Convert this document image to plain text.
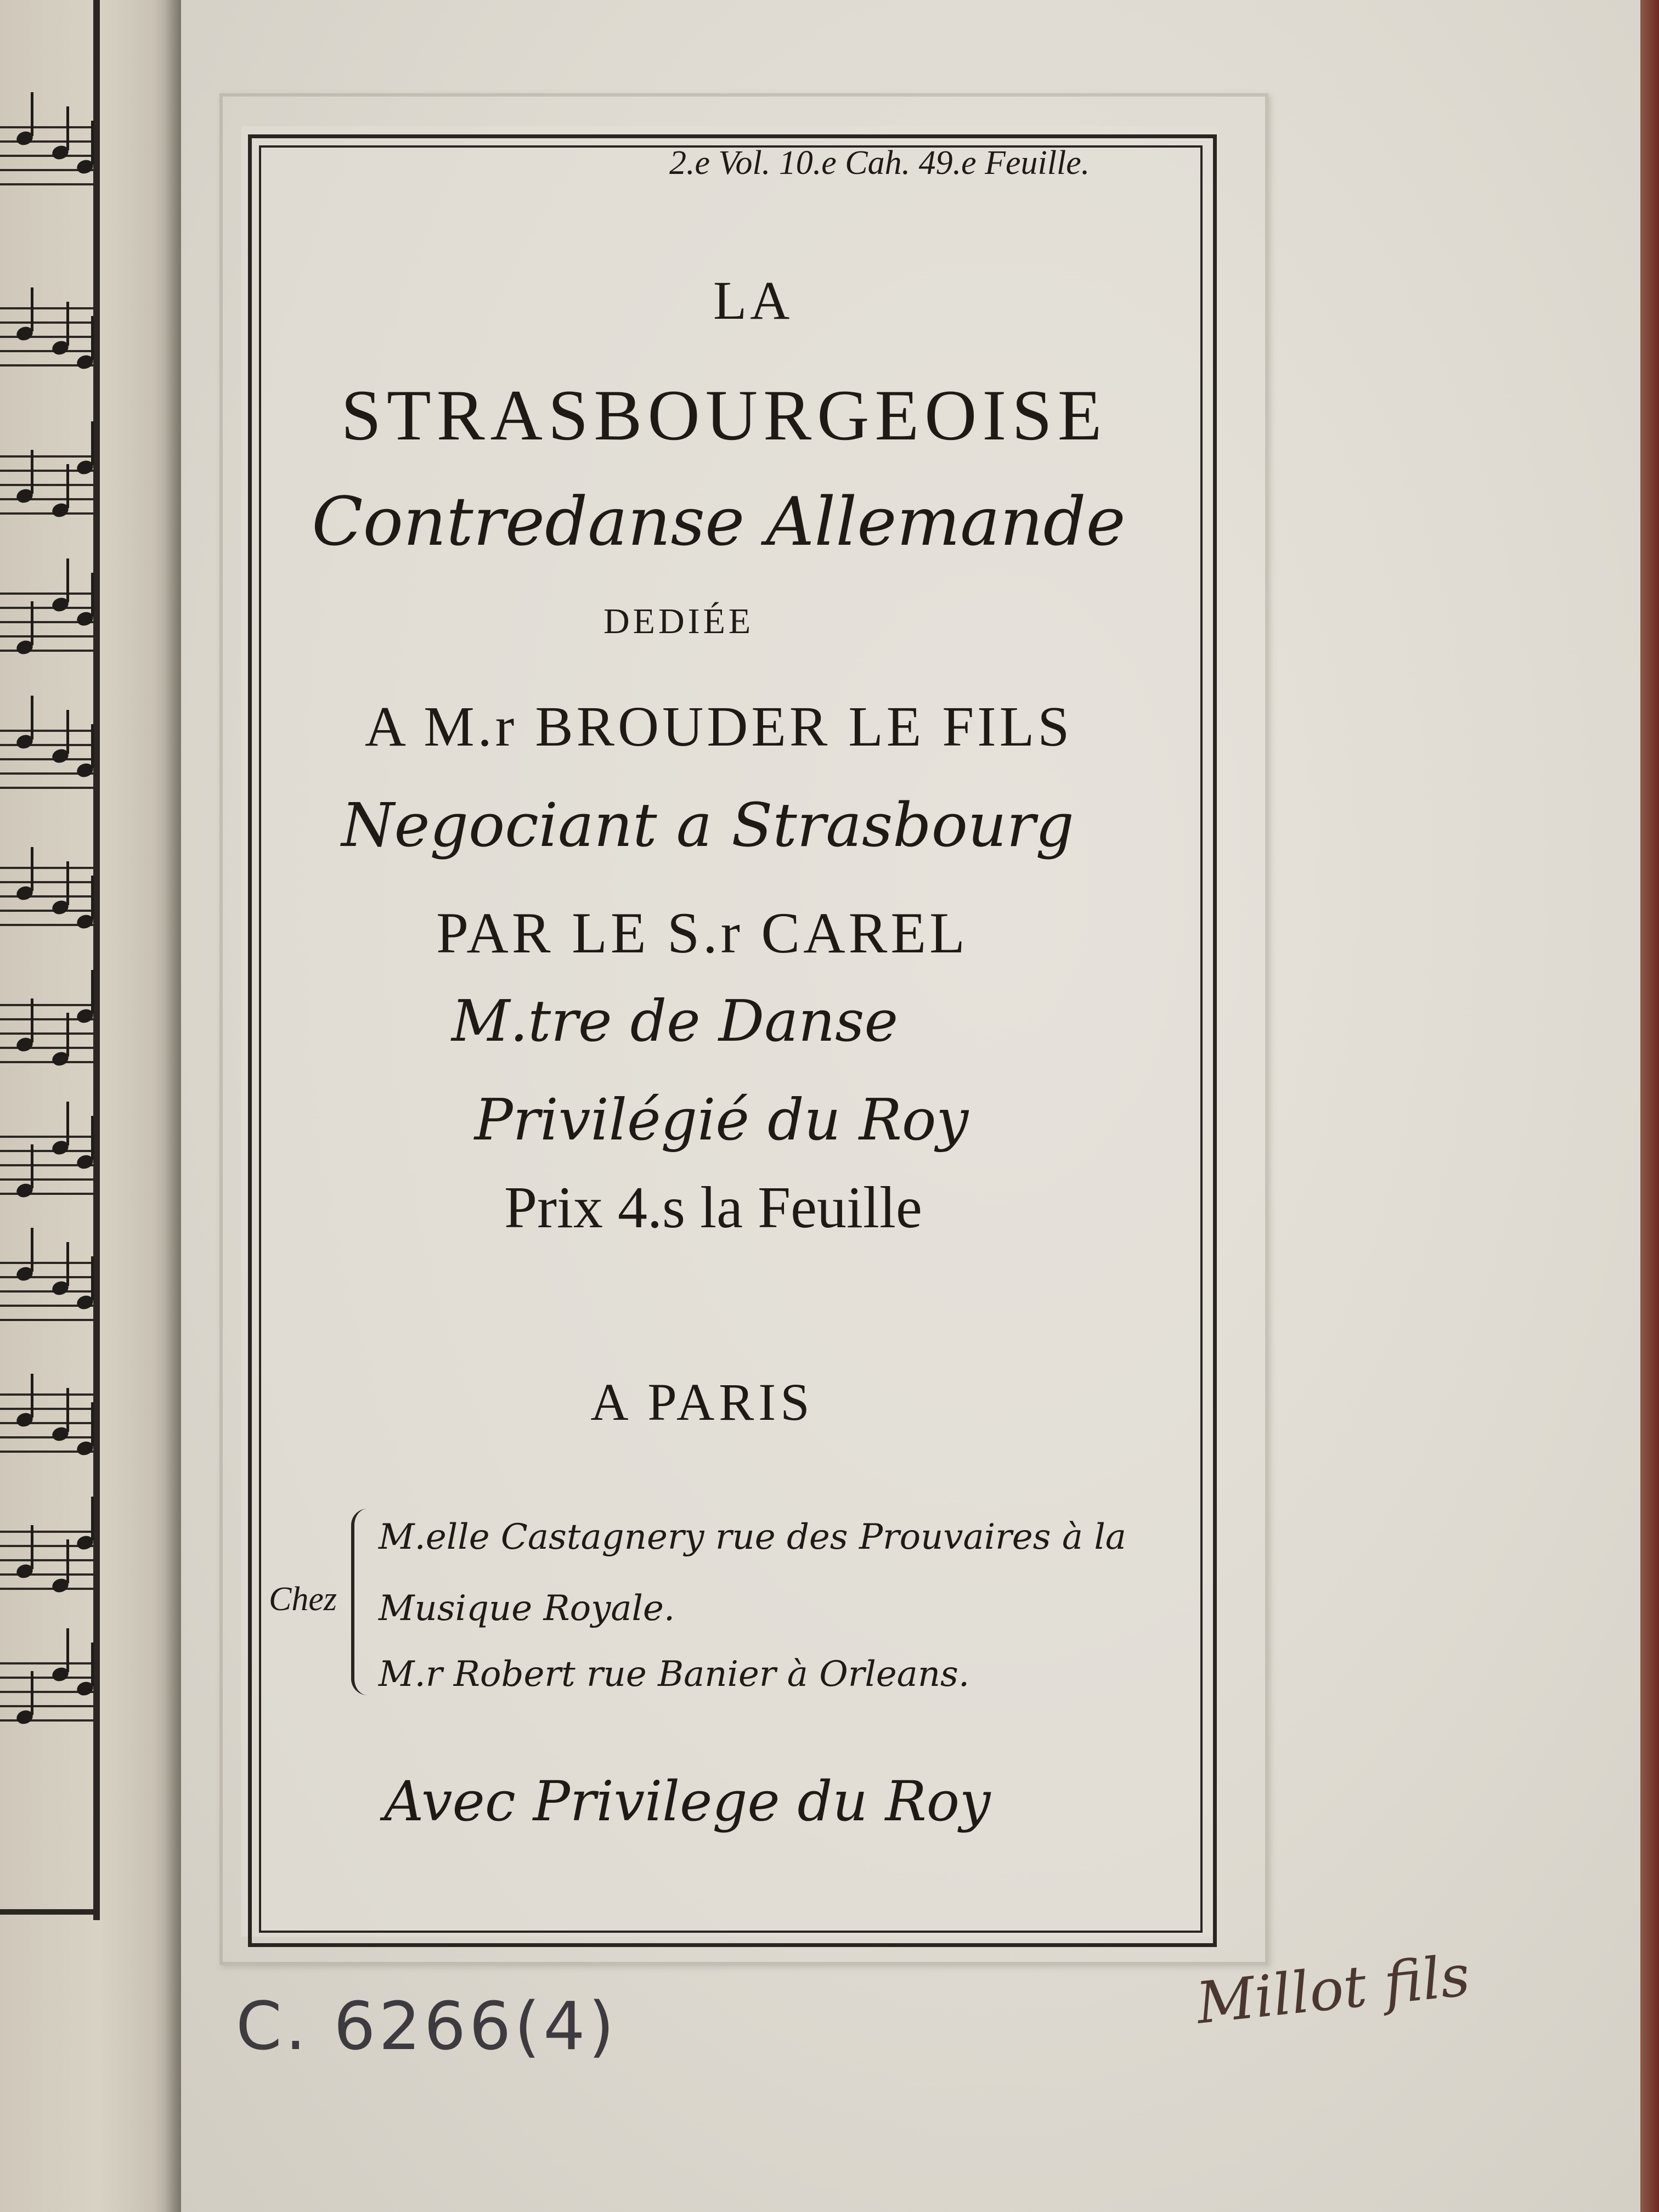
2.e Vol. 10.e Cah. 49.e Feuille.
LA
STRASBOURGEOISE
Contredanse Allemande
DEDIÉE
A M.r BROUDER LE FILS
Negociant a Strasbourg
PAR LE S.r CAREL
M.tre de Danse
Privilégié du Roy
Prix 4.s la Feuille
A PARIS
Chez
M.elle Castagnery rue des Prouvaires à la
Musique Royale.
M.r Robert rue Banier à Orleans.
Avec Privilege du Roy
C. 6266(4)	Millot fils
